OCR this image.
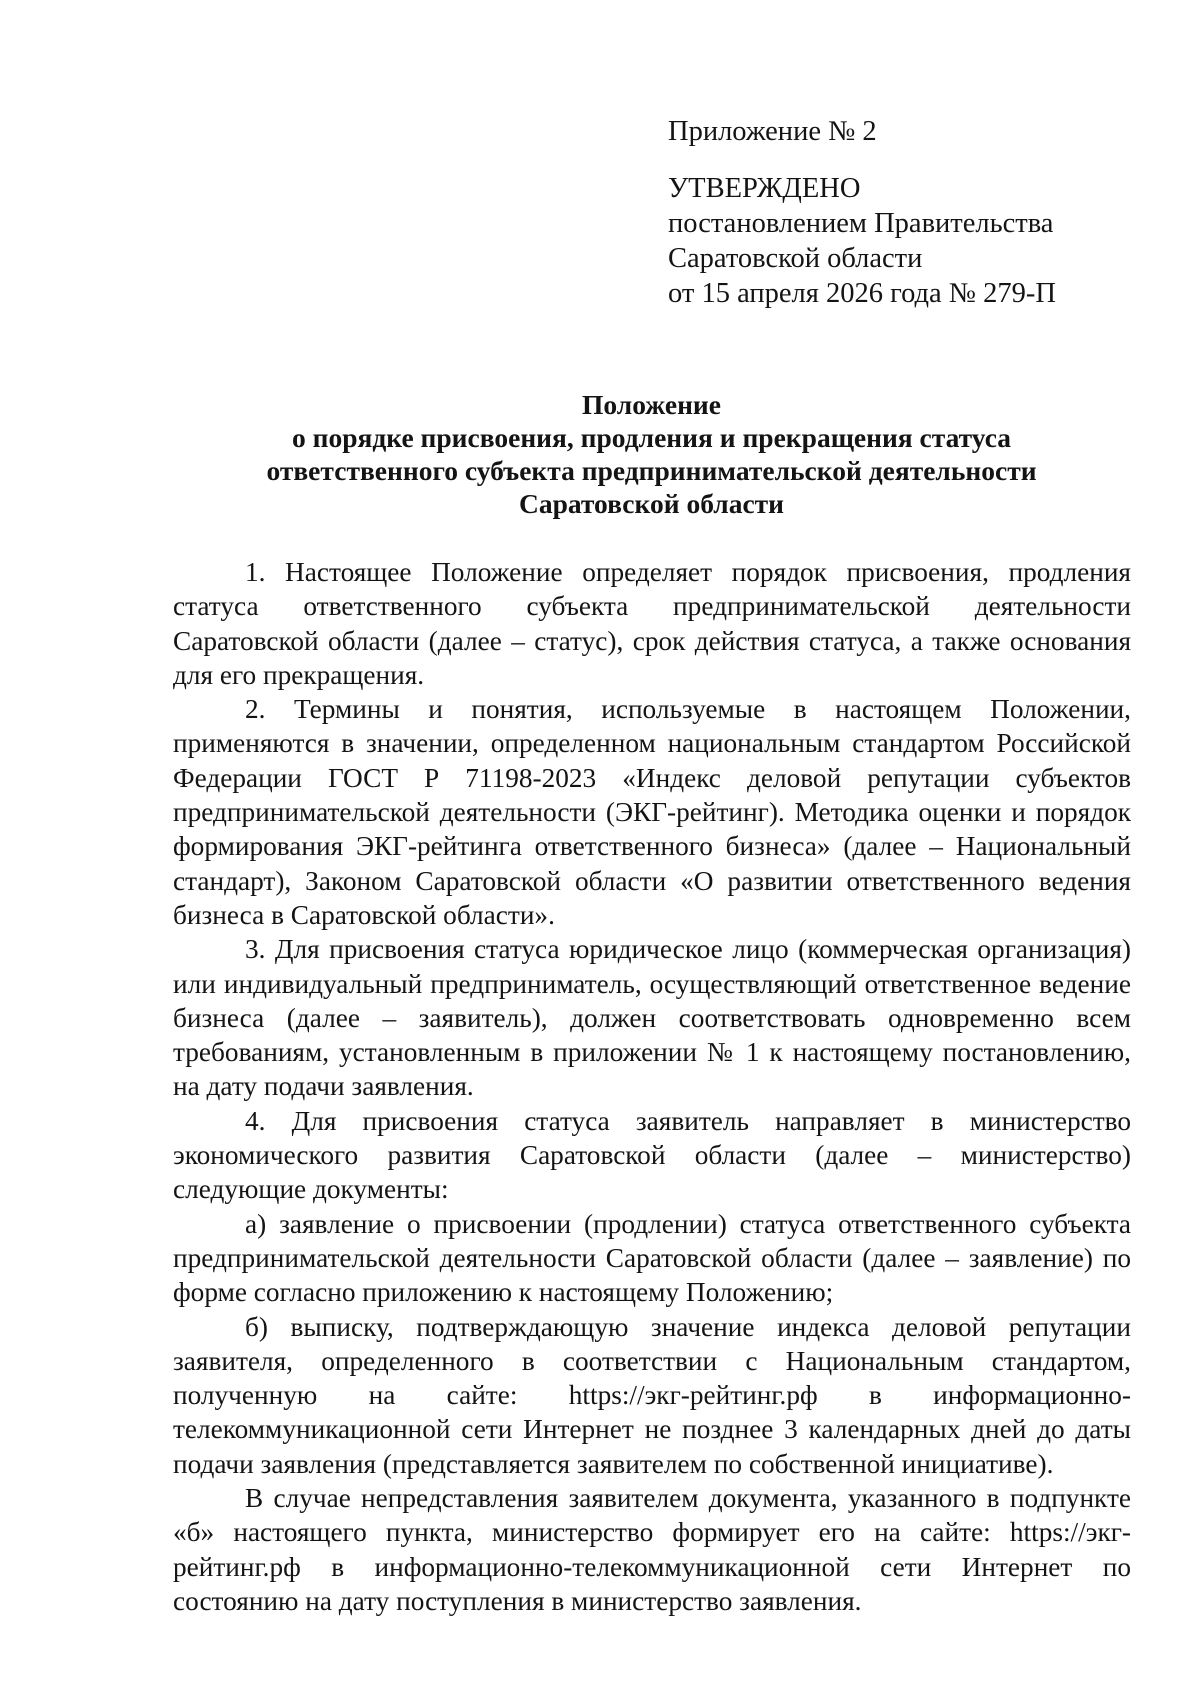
Приложение № 2

УТВЕРЖДЕНО

постановлением Правительства

Саратовской области

от 15 апреля 2026 года № 279-П

Положение

о порядке присвоения, продления и прекращения статуса

ответственного субъекта предпринимательской деятельности

Саратовской области

1. Настоящее Положение определяет порядок присвоения, продления статуса ответственного субъекта предпринимательской деятельности Саратовской области (далее – статус), срок действия статуса, а также основания для его прекращения.

2. Термины и понятия, используемые в настоящем Положении, применяются в значении, определенном национальным стандартом Российской Федерации ГОСТ Р 71198-2023 «Индекс деловой репутации субъектов предпринимательской деятельности (ЭКГ-рейтинг). Методика оценки и порядок формирования ЭКГ-рейтинга ответственного бизнеса» (далее – Национальный стандарт), Законом Саратовской области «О развитии ответственного ведения бизнеса в Саратовской области».

3. Для присвоения статуса юридическое лицо (коммерческая организация) или индивидуальный предприниматель, осуществляющий ответственное ведение бизнеса (далее – заявитель), должен соответствовать одновременно всем требованиям, установленным в приложении № 1 к настоящему постановлению, на дату подачи заявления.

4. Для присвоения статуса заявитель направляет в министерство экономического развития Саратовской области (далее – министерство) следующие документы:

а) заявление о присвоении (продлении) статуса ответственного субъекта предпринимательской деятельности Саратовской области (далее – заявление) по форме согласно приложению к настоящему Положению;

б) выписку, подтверждающую значение индекса деловой репутации заявителя, определенного в соответствии с Национальным стандартом, полученную на сайте: https://экг-рейтинг.рф в информационно-телекоммуникационной сети Интернет не позднее 3 календарных дней до даты подачи заявления (представляется заявителем по собственной инициативе).

В случае непредставления заявителем документа, указанного в подпункте «б» настоящего пункта, министерство формирует его на сайте: https://экг-рейтинг.рф в информационно-телекоммуникационной сети Интернет по состоянию на дату поступления в министерство заявления.
